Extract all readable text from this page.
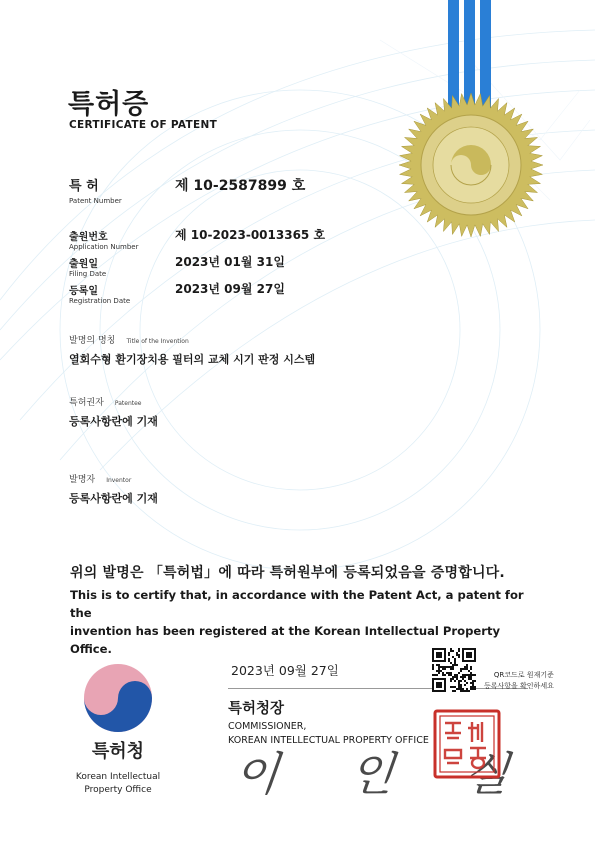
특허증
CERTIFICATE OF PATENT
특 허
Patent Number
제 10-2587899 호
출원번호
Application Number
제 10-2023-0013365 호
출원일
Filing Date
2023년 01월 31일
등록일
Registration Date
2023년 09월 27일
발명의 명칭 Title of the Invention
열회수형 환기장치용 필터의 교체 시기 판정 시스템
특허권자 Patentee
등록사항란에 기재
발명자 Inventor
등록사항란에 기재
위의 발명은 「특허법」에 따라 특허원부에 등록되었음을 증명합니다.
This is to certify that, in accordance with the Patent Act, a patent for the
invention has been registered at the Korean Intellectual Property Office.
특허청
Korean Intellectual
Property Office
2023년 09월 27일	QR코드로 원재기준
등록사항을 확인하세요
특허청장
COMMISSIONER,
KOREAN INTELLECTUAL PROPERTY OFFICE
이 인 실
